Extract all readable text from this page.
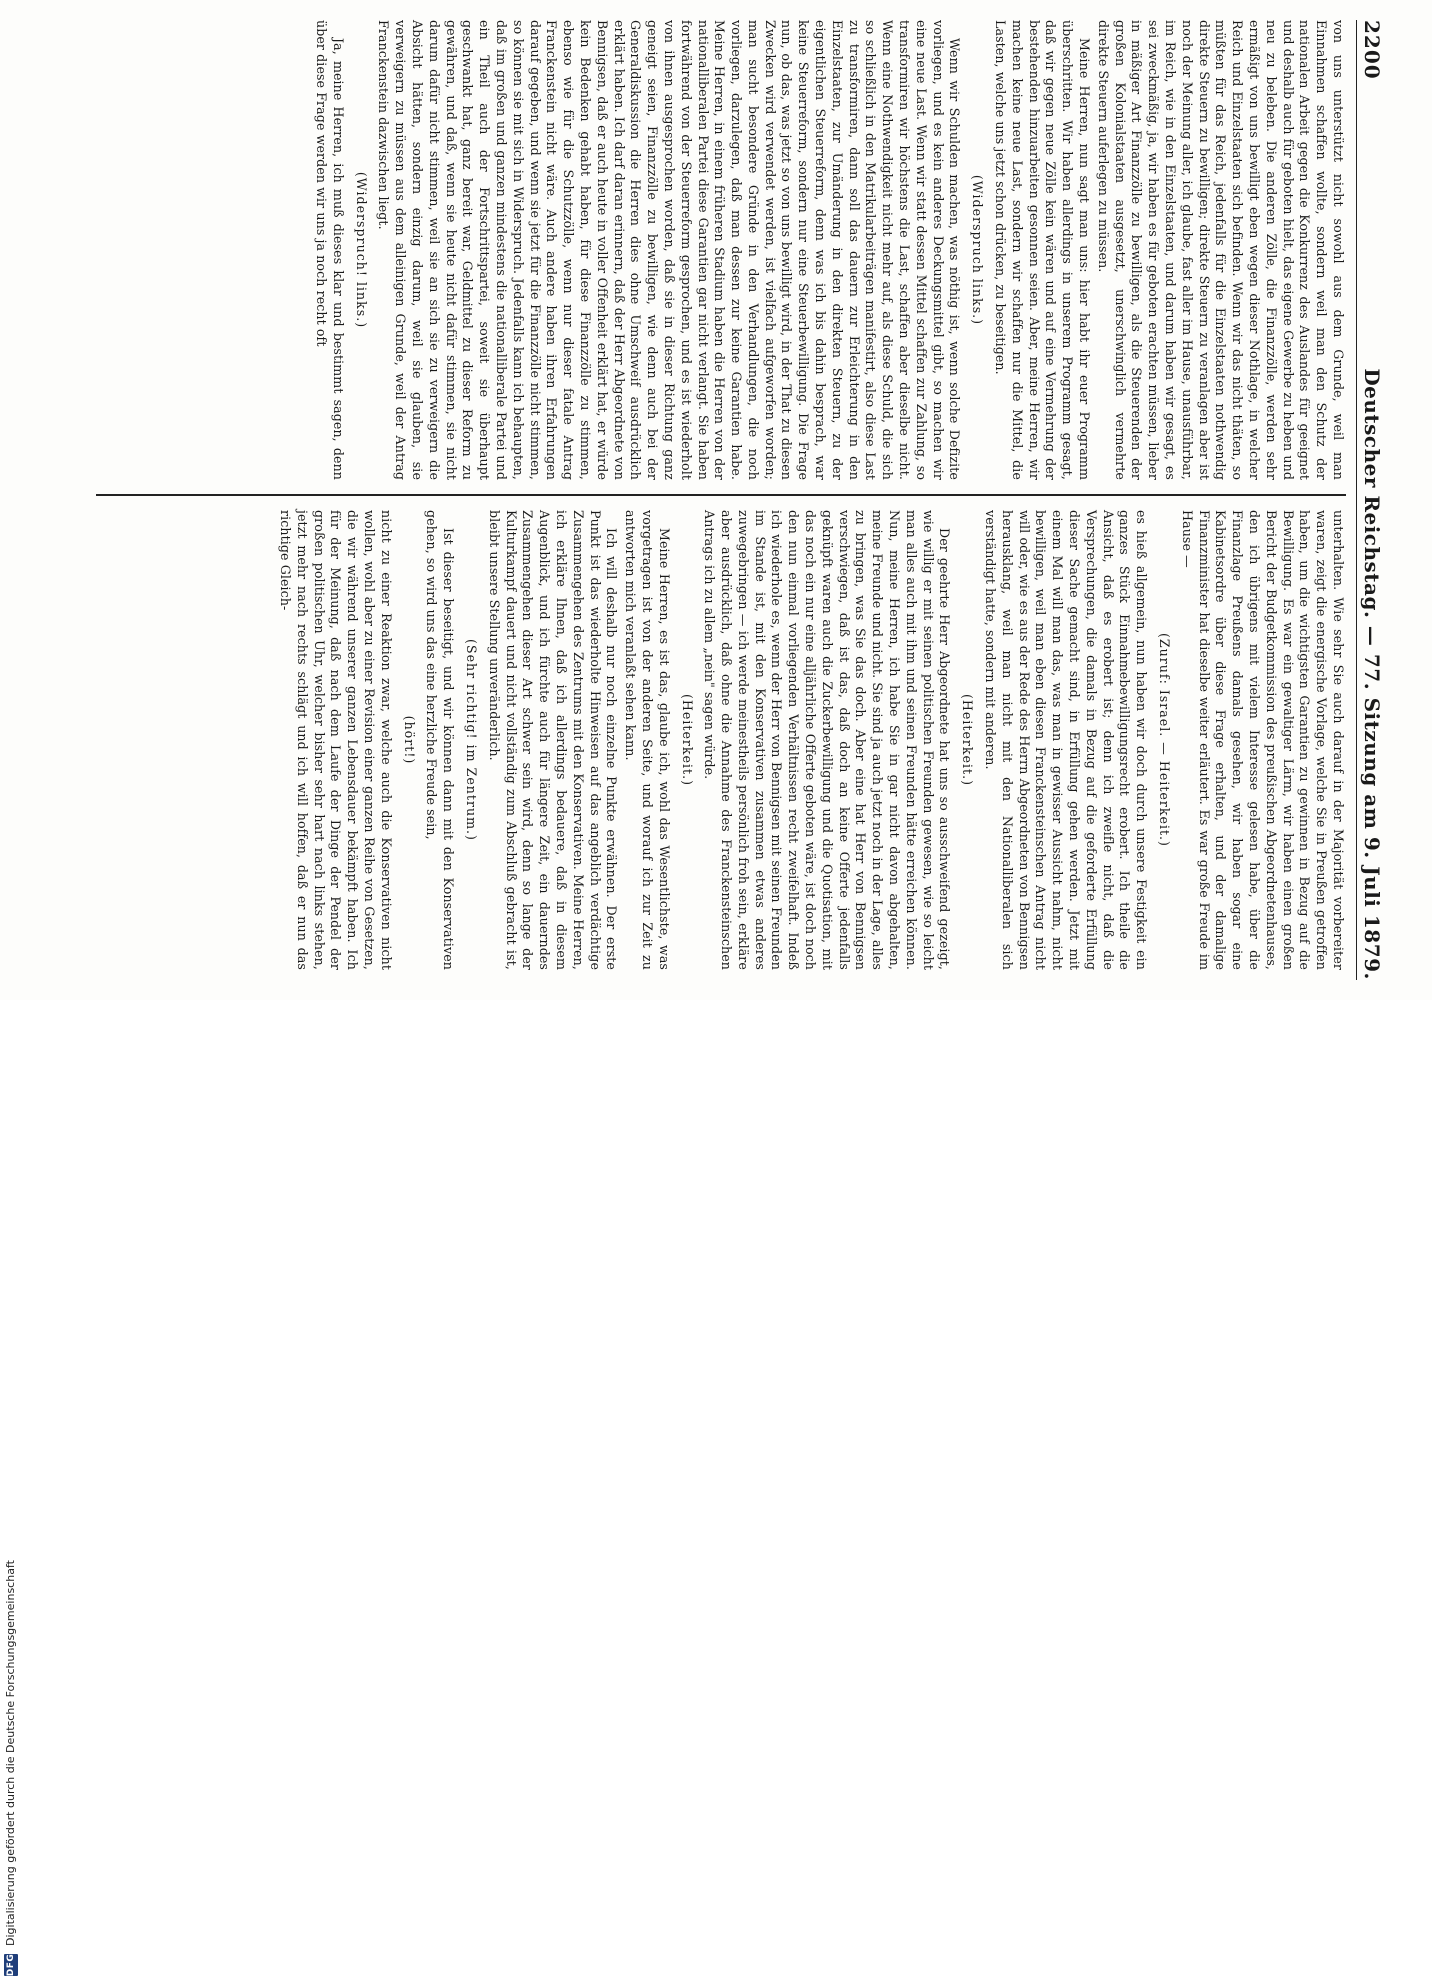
2200
Deutscher Reichstag. — 77. Sitzung am 9. Juli 1879.

von uns unterstützt nicht sowohl aus dem Grunde, weil man Einnahmen schaffen wollte, sondern weil man den Schutz der nationalen Arbeit gegen die Konkurrenz des Auslandes für geeignet und deshalb auch für geboten hielt, das eigene Gewerbe zu heben und neu zu beleben. Die anderen Zölle, die Finanzzölle, werden sehr ermäßigt von uns bewilligt eben wegen dieser Nothlage, in welcher Reich und Einzelstaaten sich befinden. Wenn wir das nicht thäten, so müßten für das Reich, jedenfalls für die Einzelstaaten nothwendig direkte Steuern zu bewilligen; direkte Steuern zu veranlagen aber ist noch der Meinung aller, ich glaube, fast aller im Hause, unausführbar, im Reich, wie in den Einzelstaaten, und darum haben wir gesagt, es sei zweckmäßig, ja, wir haben es für geboten erachten müssen, lieber in mäßiger Art Finanzzölle zu bewilligen, als die Steuerenden der großen Kolonialstaaten ausgesetzt, unerschwinglich vermehrte direkte Steuern auferlegen zu müssen.

Meine Herren, nun sagt man uns: hier habt ihr euer Programm überschritten. Wir haben allerdings in unserem Programm gesagt, daß wir gegen neue Zölle kein wären und auf eine Vermehrung der bestehenden hinzuarbeiten gesonnen seien. Aber, meine Herren, wir machen keine neue Last, sondern wir schaffen nur die Mittel, die Lasten, welche uns jetzt schon drücken, zu beseitigen.

(Widerspruch links.)

Wenn wir Schulden machen, was nöthig ist, wenn solche Defizite vorliegen, und es kein anderes Deckungsmittel gibt, so machen wir eine neue Last. Wenn wir statt dessen Mittel schaffen zur Zahlung, so transformiren wir höchstens die Last, schaffen aber dieselbe nicht. Wenn eine Nothwendigkeit nicht mehr auf, als diese Schuld, die sich so schließlich in den Matrikularbeiträgen manifestirt, also diese Last zu transformiren, dann soll das dauern zur Erleichterung in den Einzelstaaten, zur Umänderung in den direkten Steuern, zu der eigentlichen Steuerreform, denn was ich bis dahin besprach, war keine Steuerreform, sondern nur eine Steuerbewilligung. Die Frage nun, ob das, was jetzt so von uns bewilligt wird, in der That zu diesen Zwecken wird verwendet werden, ist vielfach aufgeworfen worden; man sucht besondere Gründe in den Verhandlungen, die noch vorliegen, darzulegen, daß man dessen zur keine Garantien habe. Meine Herren, in einem früheren Stadium haben die Herren von der nationalliberalen Partei diese Garantien gar nicht verlangt. Sie haben fortwährend von der Steuerreform gesprochen, und es ist wiederholt von ihnen ausgesprochen worden, daß sie in dieser Richtung ganz geneigt seien, Finanzzölle zu bewilligen, wie denn auch bei der Generaldiskussion die Herren dies ohne Umschweif ausdrücklich erklärt haben. Ich darf daran erinnern, daß der Herr Abgeordnete von Bennigsen, daß er auch heute in voller Offenheit erklärt hat, er würde kein Bedenken gehabt haben, für diese Finanzzölle zu stimmen, ebenso wie für die Schutzzölle, wenn nur dieser fatale Antrag Franckenstein nicht wäre. Auch andere haben ihren Erfahrungen darauf gegeben, und wenn sie jetzt für die Finanzzölle nicht stimmen, so können sie mit sich in Widerspruch. Jedenfalls kann ich behaupten, daß im großen und ganzen mindestens die nationalliberale Partei und ein Theil auch der Fortschrittspartei, soweit sie überhaupt geschwankt hat, ganz bereit war, Geldmittel zu dieser Reform zu gewähren, und daß, wenn sie heute nicht dafür stimmen, sie nicht darum dafür nicht stimmen, weil sie an sich sie zu verweigern die Absicht hätten, sondern einzig darum, weil sie glauben, sie verweigern zu müssen aus dem alleinigen Grunde, weil der Antrag Franckenstein dazwischen liegt.

(Widerspruch! links.)

Ja, meine Herren, ich muß dieses klar und bestimmt sagen, denn über diese Frage werden wir uns ja noch recht oft

unterhalten. Wie sehr Sie auch darauf in der Majorität vorbereiter waren, zeigt die energische Vorlage, welche Sie in Preußen getroffen haben, um die wichtigsten Garantien zu gewinnen in Bezug auf die Bewilligung. Es war ein gewaltiger Lärm, wir haben einen großen Bericht der Budgetkommission des preußischen Abgeordnetenhauses, den ich übrigens mit vielem Interesse gelesen habe, über die Finanzlage Preußens damals gesehen, wir haben sogar eine Kabinetsordre über diese Frage erhalten, und der damalige Finanzminister hat dieselbe weiter erläutert. Es war große Freude im Hause —

(Zuruf: Israel. — Heiterkeit.)

es hieß allgemein, nun haben wir doch durch unsere Festigkeit ein ganzes Stück Einnahmebewilligungsrecht erobert. Ich theile die Ansicht, daß es erobert ist; denn ich zweifle nicht, daß die Versprechungen, die damals in Bezug auf die geforderte Erfüllung dieser Sache gemacht sind, in Erfüllung gehen werden. Jetzt mit einem Mal will man das, was man in gewisser Aussicht nahm, nicht bewilligen, weil man eben diesen Franckensteinschen Antrag nicht will oder, wie es aus der Rede des Herrn Abgeordneten von Bennigsen herausklang, weil man nicht mit den Nationalliberalen sich verständigt hatte, sondern mit anderen.

(Heiterkeit.)

Der geehrte Herr Abgeordnete hat uns so ausschweifend gezeigt, wie willig er mit seinen politischen Freunden gewesen, wie so leicht man alles auch mit ihm und seinen Freunden hätte erreichen können. Nun, meine Herren, ich habe Sie in gar nicht davon abgehalten, meine Freunde und nicht. Sie sind ja auch jetzt noch in der Lage, alles zu bringen, was Sie das doch. Aber eine hat Herr von Bennigsen verschwiegen, daß ist das, daß doch an keine Offerte jedenfalls geknüpft waren auch die Zuckerbewilligung und die Quotisation, mit das noch ein nur eine alljährliche Offerte geboten wäre, ist doch noch den nun einmal vorliegenden Verhältnissen recht zweifelhaft. Indeß ich wiederhole es, wenn der Herr von Bennigsen mit seinen Freunden im Stande ist, mit den Konservativen zusammen etwas anderes zuwegebringen — ich werde meinestheils persönlich froh sein, erkläre aber ausdrücklich, daß ohne die Annahme des Franckensteinschen Antrags ich zu allem „nein" sagen würde.

(Heiterkeit.)

Meine Herren, es ist das, glaube ich, wohl das Wesentlichste, was vorgetragen ist von der anderen Seite, und worauf ich zur Zeit zu antworten mich veranlaßt sehen kann.

Ich will deshalb nur noch einzelne Punkte erwähnen. Der erste Punkt ist das wiederholte Hinweisen auf das angeblich verdächtige Zusammengehen des Zentrums mit den Konservativen. Meine Herren, ich erkläre Ihnen, daß ich allerdings bedauere, daß in diesem Augenblick, und ich fürchte auch für längere Zeit, ein dauerndes Zusammengehen dieser Art schwer sein wird, denn so lange der Kulturkampf dauert und nicht vollständig zum Abschluß gebracht ist, bleibt unsere Stellung unveränderlich.

(Sehr richtig! im Zentrum.)

Ist dieser beseitigt, und wir können dann mit den Konservativen gehen, so wird uns das eine herzliche Freude sein,

(hört!)

nicht zu einer Reaktion zwar, welche auch die Konservativen nicht wollen, wohl aber zu einer Revision einer ganzen Reihe von Gesetzen, die wir während unserer ganzen Lebensdauer bekämpft haben. Ich für der Meinung, daß nach dem Laufe der Dinge der Pendel der großen politischen Uhr, welcher bisher sehr hart nach links stehen, jetzt mehr nach rechts schlägt und ich will hoffen, daß er nun das richtige Gleich-

DFG
Digitalisierung gefördert durch die Deutsche Forschungsgemeinschaft
